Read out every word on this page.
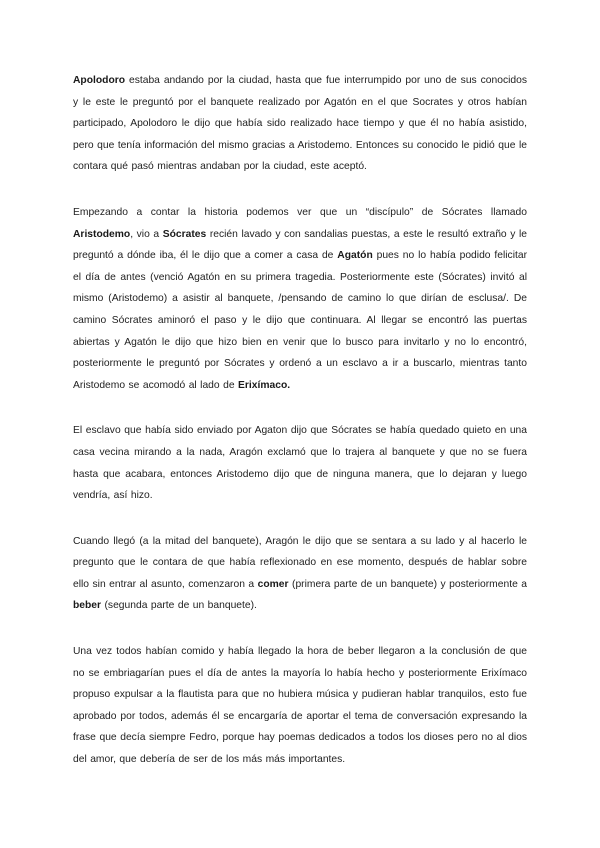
Apolodoro estaba andando por la ciudad, hasta que fue interrumpido por uno de sus conocidos y le este le preguntó por el banquete realizado por Agatón en el que Socrates y otros habían participado, Apolodoro le dijo que había sido realizado hace tiempo y que él no había asistido, pero que tenía información del mismo gracias a Aristodemo. Entonces su conocido le pidió que le contara qué pasó mientras andaban por la ciudad, este aceptó.

Empezando a contar la historia podemos ver que un “discípulo” de Sócrates llamado Aristodemo, vio a Sócrates recién lavado y con sandalias puestas, a este le resultó extraño y le preguntó a dónde iba, él le dijo que a comer a casa de Agatón pues no lo había podido felicitar el día de antes (venció Agatón en su primera tragedia. Posteriormente este (Sócrates) invitó al mismo (Aristodemo) a asistir al banquete, /pensando de camino lo que dirían de esclusa/. De camino Sócrates aminoró el paso y le dijo que continuara. Al llegar se encontró las puertas abiertas y Agatón le dijo que hizo bien en venir que lo busco para invitarlo y no lo encontró, posteriormente le preguntó por Sócrates y ordenó a un esclavo a ir a buscarlo, mientras tanto Aristodemo se acomodó al lado de Erixímaco.

El esclavo que había sido enviado por Agaton dijo que Sócrates se había quedado quieto en una casa vecina mirando a la nada, Aragón exclamó que lo trajera al banquete y que no se fuera hasta que acabara, entonces Aristodemo dijo que de ninguna manera, que lo dejaran y luego vendría, así hizo.

Cuando llegó (a la mitad del banquete), Aragón le dijo que se sentara a su lado y al hacerlo le pregunto que le contara de que había reflexionado en ese momento, después de hablar sobre ello sin entrar al asunto, comenzaron a comer (primera parte de un banquete) y posteriormente a beber (segunda parte de un banquete).

Una vez todos habían comido y había llegado la hora de beber llegaron a la conclusión de que no se embriagarían pues el día de antes la mayoría lo había hecho y posteriormente Erixímaco propuso expulsar a la flautista para que no hubiera música y pudieran hablar tranquilos, esto fue aprobado por todos, además él se encargaría de aportar el tema de conversación expresando la frase que decía siempre Fedro, porque hay poemas dedicados a todos los dioses pero no al dios del amor, que debería de ser de los más más importantes.
